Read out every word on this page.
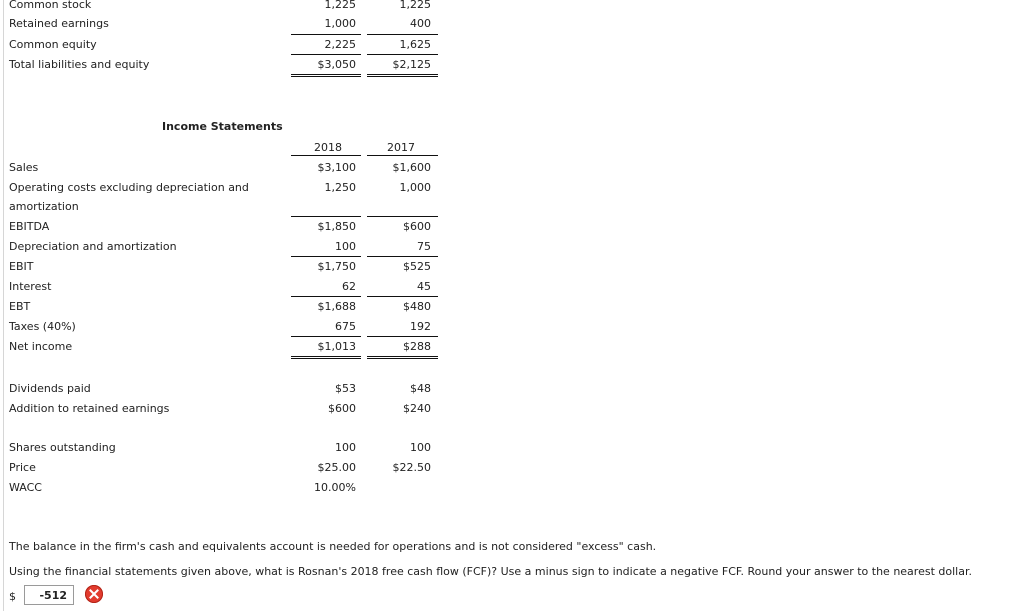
Common stock	1,225	1,225
Retained earnings	1,000	400
Common equity	2,225	1,625
Total liabilities and equity	$3,050	$2,125
Income Statements
2018	2017
Sales	$3,100	$1,600
Operating costs excluding depreciation and	1,250	1,000
amortization
EBITDA	$1,850	$600
Depreciation and amortization	100	75
EBIT	$1,750	$525
Interest	62	45
EBT	$1,688	$480
Taxes (40%)	675	192
Net income	$1,013	$288
Dividends paid	$53	$48
Addition to retained earnings	$600	$240
Shares outstanding	100	100
Price	$25.00	$22.50
WACC	10.00%
The balance in the firm's cash and equivalents account is needed for operations and is not considered "excess" cash.
Using the financial statements given above, what is Rosnan's 2018 free cash flow (FCF)? Use a minus sign to indicate a negative FCF. Round your answer to the nearest dollar.
$
-512
